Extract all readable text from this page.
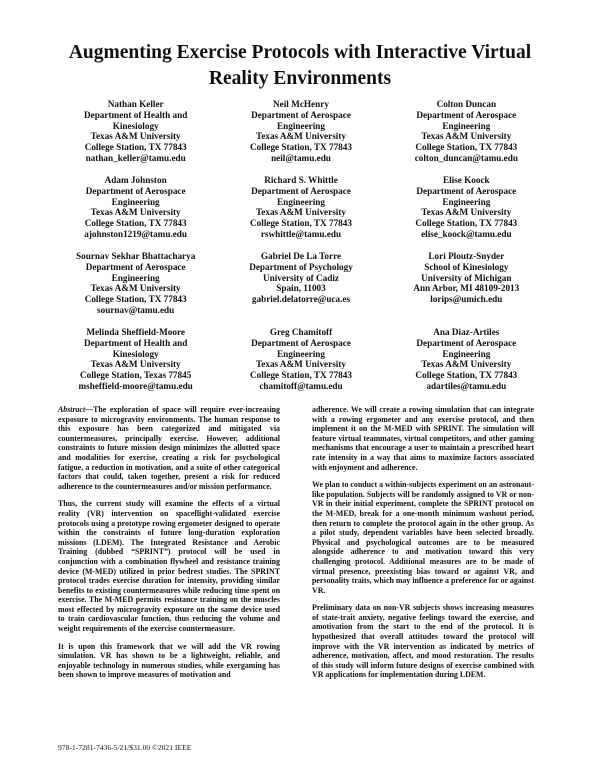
Augmenting Exercise Protocols with Interactive Virtual Reality Environments
Nathan Keller
Department of Health and
Kinesiology
Texas A&M University
College Station, TX 77843
nathan_keller@tamu.edu
Neil McHenry
Department of Aerospace
Engineering
Texas A&M University
College Station, TX 77843
neil@tamu.edu
Colton Duncan
Department of Aerospace
Engineering
Texas A&M University
College Station, TX 77843
colton_duncan@tamu.edu
Adam Johnston
Department of Aerospace
Engineering
Texas A&M University
College Station, TX 77843
ajohnston1219@tamu.edu
Richard S. Whittle
Department of Aerospace
Engineering
Texas A&M University
College Station, TX 77843
rswhittle@tamu.edu
Elise Koock
Department of Aerospace
Engineering
Texas A&M University
College Station, TX 77843
elise_koock@tamu.edu
Sournav Sekhar Bhattacharya
Department of Aerospace
Engineering
Texas A&M University
College Station, TX 77843
sournav@tamu.edu
Gabriel De La Torre
Department of Psychology
University of Cadiz
Spain, 11003
gabriel.delatorre@uca.es
Lori Ploutz-Snyder
School of Kinesiology
University of Michigan
Ann Arbor, MI 48109-2013
lorips@umich.edu
Melinda Sheffield-Moore
Department of Health and
Kinesiology
Texas A&M University
College Station, Texas 77845
msheffield-moore@tamu.edu
Greg Chamitoff
Department of Aerospace
Engineering
Texas A&M University
College Station, TX 77843
chamitoff@tamu.edu
Ana Diaz-Artiles
Department of Aerospace
Engineering
Texas A&M University
College Station, TX 77843
adartiles@tamu.edu

Abstract—The exploration of space will require ever-increasing exposure to microgravity environments. The human response to this exposure has been categorized and mitigated via countermeasures, principally exercise. However, additional constraints to future mission design minimizes the allotted space and modalities for exercise, creating a risk for psychological fatigue, a reduction in motivation, and a suite of other categorical factors that could, taken together, present a risk for reduced adherence to the countermeasures and/or mission performance.

Thus, the current study will examine the effects of a virtual reality (VR) intervention on spaceflight-validated exercise protocols using a prototype rowing ergometer designed to operate within the constraints of future long-duration exploration missions (LDEM). The Integrated Resistance and Aerobic Training (dubbed “SPRINT”) protocol will be used in conjunction with a combination flywheel and resistance training device (M-MED) utilized in prior bedrest studies. The SPRINT protocol trades exercise duration for intensity, providing similar benefits to existing countermeasures while reducing time spent on exercise. The M-MED permits resistance training on the muscles most effected by microgravity exposure on the same device used to train cardiovascular function, thus reducing the volume and weight requirements of the exercise countermeasure.

It is upon this framework that we will add the VR rowing simulation. VR has shown to be a lightweight, reliable, and enjoyable technology in numerous studies, while exergaming has been shown to improve measures of motivation and

adherence. We will create a rowing simulation that can integrate with a rowing ergometer and any exercise protocol, and then implement it on the M-MED with SPRINT. The simulation will feature virtual teammates, virtual competitors, and other gaming mechanisms that encourage a user to maintain a prescribed heart rate intensity in a way that aims to maximize factors associated with enjoyment and adherence.

We plan to conduct a within-subjects experiment on an astronaut-like population. Subjects will be randomly assigned to VR or non-VR in their initial experiment, complete the SPRINT protocol on the M-MED, break for a one-month minimum washout period, then return to complete the protocol again in the other group. As a pilot study, dependent variables have been selected broadly. Physical and psychological outcomes are to be measured alongside adherence to and motivation toward this very challenging protocol. Additional measures are to be made of virtual presence, preexisting bias toward or against VR, and personality traits, which may influence a preference for or against VR.

Preliminary data on non-VR subjects shows increasing measures of state-trait anxiety, negative feelings toward the exercise, and amotivation from the start to the end of the protocol. It is hypothesized that overall attitudes toward the protocol will improve with the VR intervention as indicated by metrics of adherence, motivation, affect, and mood restoration. The results of this study will inform future designs of exercise combined with VR applications for implementation during LDEM.

978-1-7281-7436-5/21/$31.00 ©2021 IEEE
